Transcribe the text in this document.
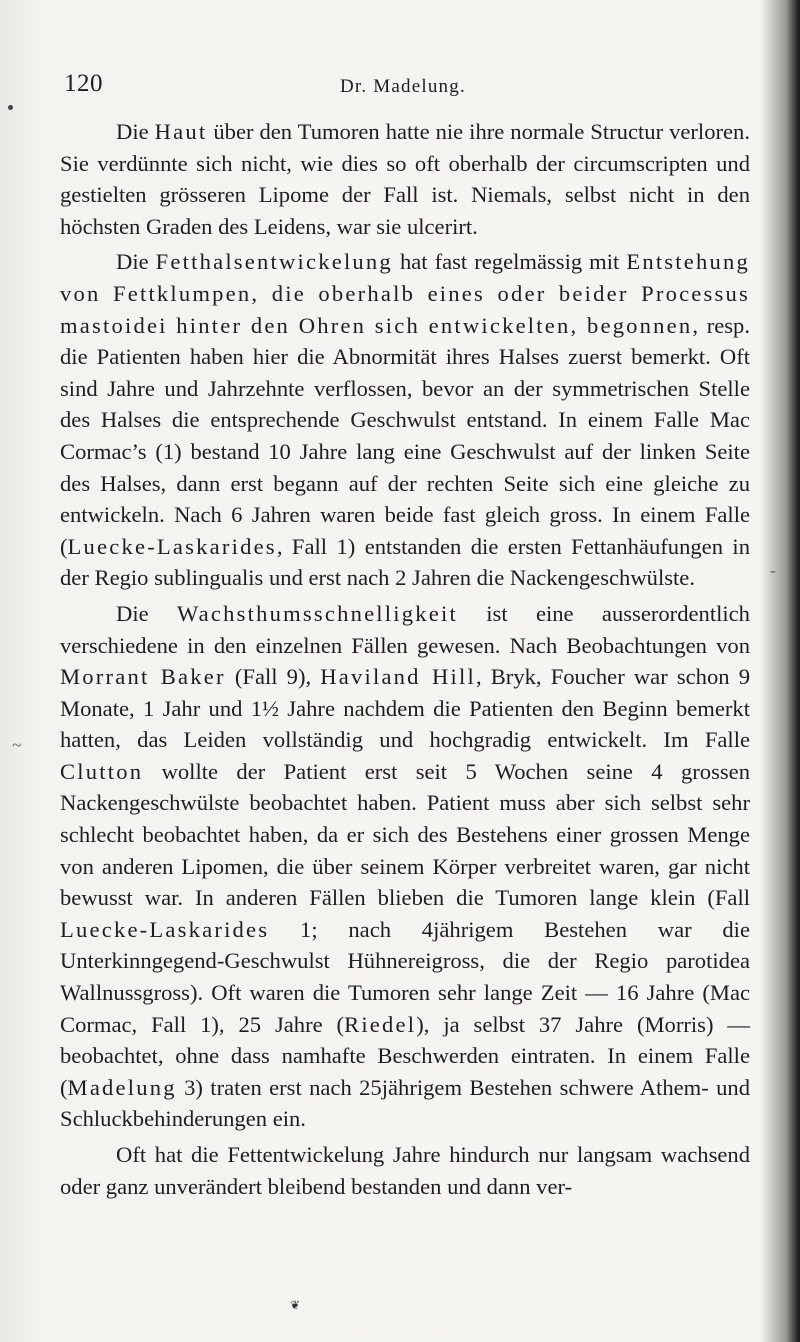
~
-
120	Dr. Madelung.

Die Haut über den Tumoren hatte nie ihre normale Structur verloren. Sie verdünnte sich nicht, wie dies so oft oberhalb der circumscripten und gestielten grösseren Lipome der Fall ist. Niemals, selbst nicht in den höchsten Graden des Leidens, war sie ulcerirt.

Die Fetthalsentwickelung hat fast regelmässig mit Entstehung von Fettklumpen, die oberhalb eines oder beider Processus mastoidei hinter den Ohren sich entwickelten, begonnen, resp. die Patienten haben hier die Abnormität ihres Halses zuerst bemerkt. Oft sind Jahre und Jahrzehnte verflossen, bevor an der symmetrischen Stelle des Halses die entsprechende Geschwulst entstand. In einem Falle Mac Cormac’s (1) bestand 10 Jahre lang eine Geschwulst auf der linken Seite des Halses, dann erst begann auf der rechten Seite sich eine gleiche zu entwickeln. Nach 6 Jahren waren beide fast gleich gross. In einem Falle (Luecke-Laskarides, Fall 1) entstanden die ersten Fettanhäufungen in der Regio sublingualis und erst nach 2 Jahren die Nackengeschwülste.

Die Wachsthumsschnelligkeit ist eine ausserordentlich verschiedene in den einzelnen Fällen gewesen. Nach Beobachtungen von Morrant Baker (Fall 9), Haviland Hill, Bryk, Foucher war schon 9 Monate, 1 Jahr und 1½ Jahre nachdem die Patienten den Beginn bemerkt hatten, das Leiden vollständig und hochgradig entwickelt. Im Falle Clutton wollte der Patient erst seit 5 Wochen seine 4 grossen Nackengeschwülste beobachtet haben. Patient muss aber sich selbst sehr schlecht beobachtet haben, da er sich des Bestehens einer grossen Menge von anderen Lipomen, die über seinem Körper verbreitet waren, gar nicht bewusst war. In anderen Fällen blieben die Tumoren lange klein (Fall Luecke-Laskarides 1; nach 4jährigem Bestehen war die Unterkinngegend-Geschwulst Hühnereigross, die der Regio parotidea Wallnussgross). Oft waren die Tumoren sehr lange Zeit — 16 Jahre (Mac Cormac, Fall 1), 25 Jahre (Riedel), ja selbst 37 Jahre (Morris) — beobachtet, ohne dass namhafte Beschwerden eintraten. In einem Falle (Madelung 3) traten erst nach 25jährigem Bestehen schwere Athem- und Schluckbehinderungen ein.

Oft hat die Fettentwickelung Jahre hindurch nur langsam wachsend oder ganz unverändert bleibend bestanden und dann ver-

❦
